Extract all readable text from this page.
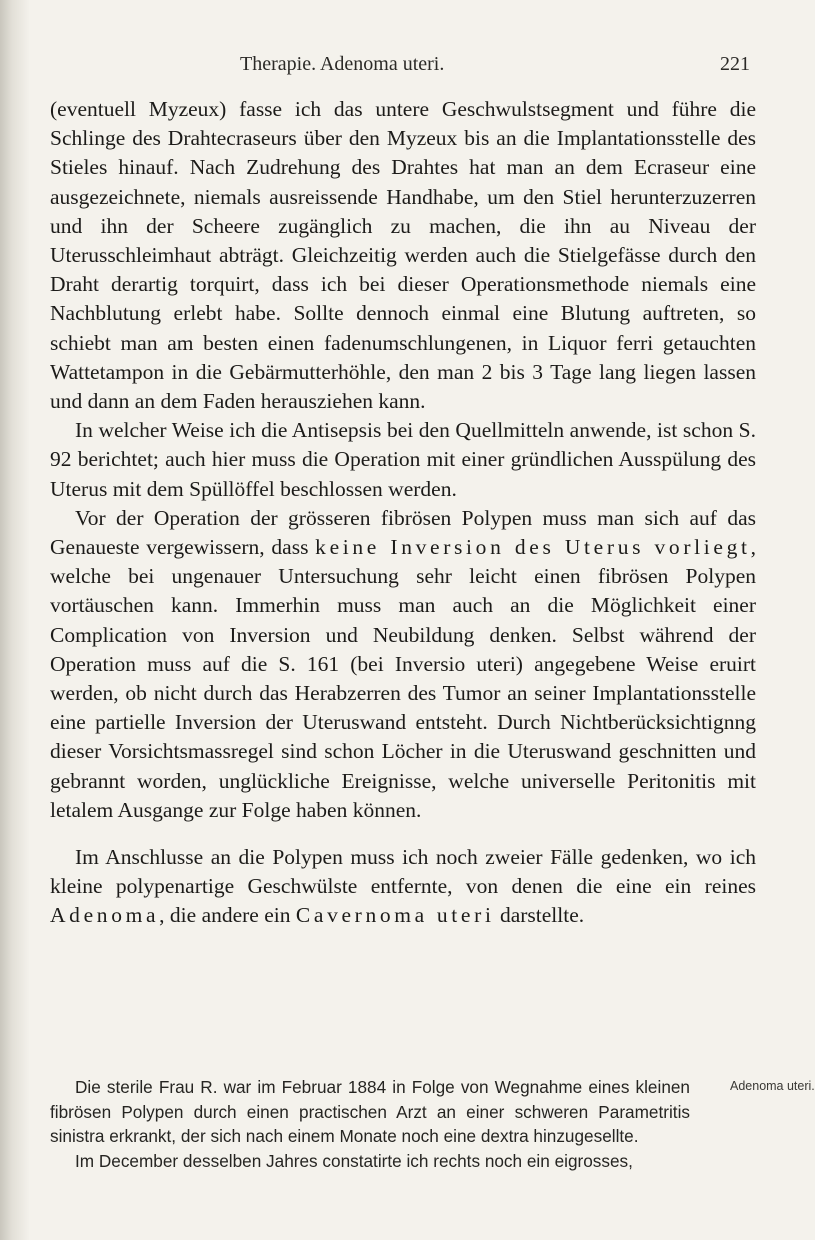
Therapie. Adenoma uteri.	221

(eventuell Myzeux) fasse ich das untere Geschwulstsegment und führe die Schlinge des Drahtecraseurs über den Myzeux bis an die Implantationsstelle des Stieles hinauf. Nach Zudrehung des Drahtes hat man an dem Ecraseur eine ausgezeichnete, niemals ausreissende Handhabe, um den Stiel herunterzuzerren und ihn der Scheere zugänglich zu machen, die ihn au Niveau der Uterusschleimhaut abträgt. Gleichzeitig werden auch die Stielgefässe durch den Draht derartig torquirt, dass ich bei dieser Operationsmethode niemals eine Nachblutung erlebt habe. Sollte dennoch einmal eine Blutung auftreten, so schiebt man am besten einen fadenumschlungenen, in Liquor ferri getauchten Wattetampon in die Gebärmutterhöhle, den man 2 bis 3 Tage lang liegen lassen und dann an dem Faden herausziehen kann.

In welcher Weise ich die Antisepsis bei den Quellmitteln anwende, ist schon S. 92 berichtet; auch hier muss die Operation mit einer gründlichen Ausspülung des Uterus mit dem Spüllöffel beschlossen werden.

Vor der Operation der grösseren fibrösen Polypen muss man sich auf das Genaueste vergewissern, dass keine Inversion des Uterus vorliegt, welche bei ungenauer Untersuchung sehr leicht einen fibrösen Polypen vortäuschen kann. Immerhin muss man auch an die Möglichkeit einer Complication von Inversion und Neubildung denken. Selbst während der Operation muss auf die S. 161 (bei Inversio uteri) angegebene Weise eruirt werden, ob nicht durch das Herabzerren des Tumor an seiner Implantationsstelle eine partielle Inversion der Uteruswand entsteht. Durch Nichtberücksichtignng dieser Vorsichtsmassregel sind schon Löcher in die Uteruswand geschnitten und gebrannt worden, unglückliche Ereignisse, welche universelle Peritonitis mit letalem Ausgange zur Folge haben können.

Im Anschlusse an die Polypen muss ich noch zweier Fälle gedenken, wo ich kleine polypenartige Geschwülste entfernte, von denen die eine ein reines Adenoma, die andere ein Cavernoma uteri darstellte.

Die sterile Frau R. war im Februar 1884 in Folge von Wegnahme eines kleinen fibrösen Polypen durch einen practischen Arzt an einer schweren Parametritis sinistra erkrankt, der sich nach einem Monate noch eine dextra hinzugesellte.

Im December desselben Jahres constatirte ich rechts noch ein eigrosses,

Adenoma uteri.
